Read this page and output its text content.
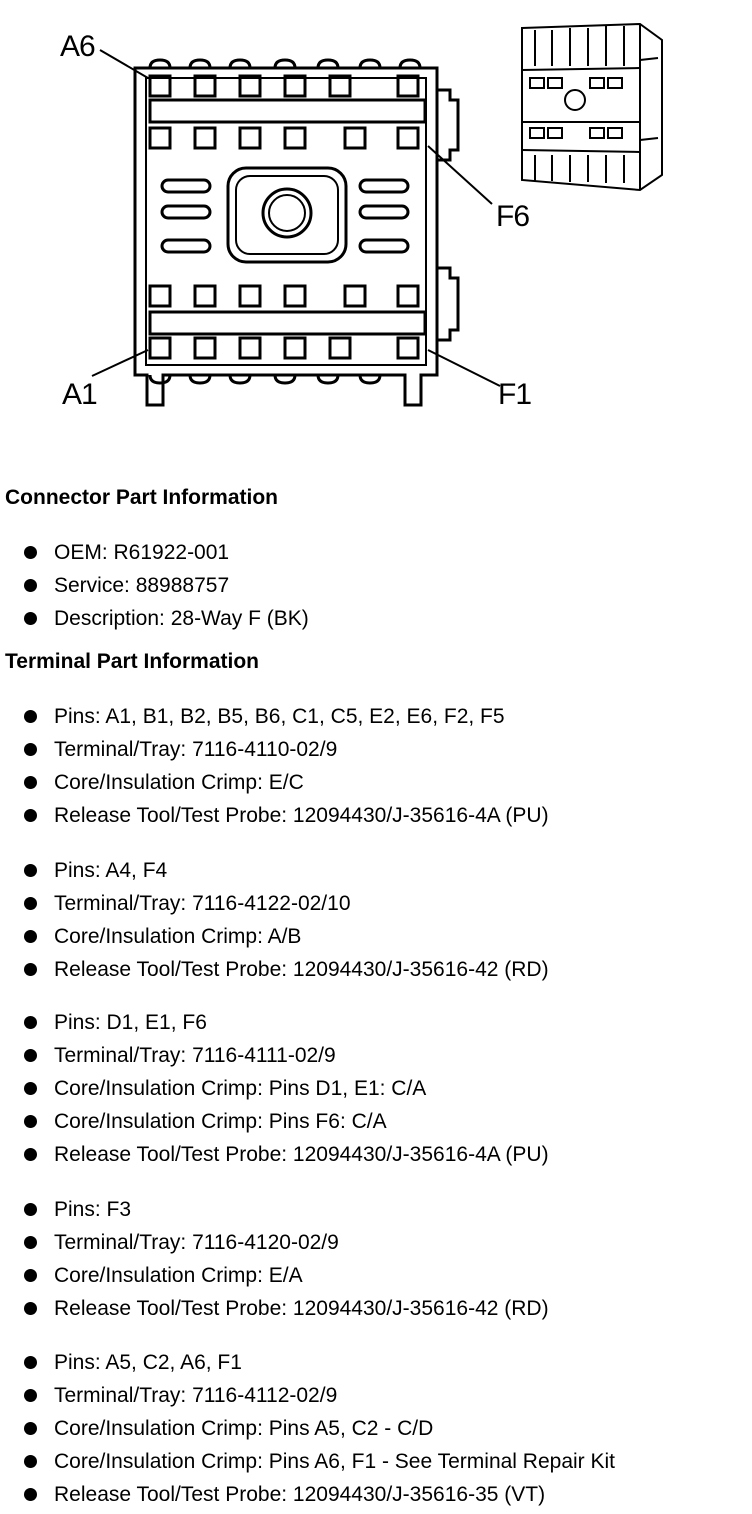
A6
F6
A1	F1
Connector Part Information
OEM: R61922-001
Service: 88988757
Description: 28-Way F (BK)
Terminal Part Information
Pins: A1, B1, B2, B5, B6, C1, C5, E2, E6, F2, F5
Terminal/Tray: 7116-4110-02/9
Core/Insulation Crimp: E/C
Release Tool/Test Probe: 12094430/J-35616-4A (PU)
Pins: A4, F4
Terminal/Tray: 7116-4122-02/10
Core/Insulation Crimp: A/B
Release Tool/Test Probe: 12094430/J-35616-42 (RD)
Pins: D1, E1, F6
Terminal/Tray: 7116-4111-02/9
Core/Insulation Crimp: Pins D1, E1: C/A
Core/Insulation Crimp: Pins F6: C/A
Release Tool/Test Probe: 12094430/J-35616-4A (PU)
Pins: F3
Terminal/Tray: 7116-4120-02/9
Core/Insulation Crimp: E/A
Release Tool/Test Probe: 12094430/J-35616-42 (RD)
Pins: A5, C2, A6, F1
Terminal/Tray: 7116-4112-02/9
Core/Insulation Crimp: Pins A5, C2 - C/D
Core/Insulation Crimp: Pins A6, F1 - See Terminal Repair Kit
Release Tool/Test Probe: 12094430/J-35616-35 (VT)
